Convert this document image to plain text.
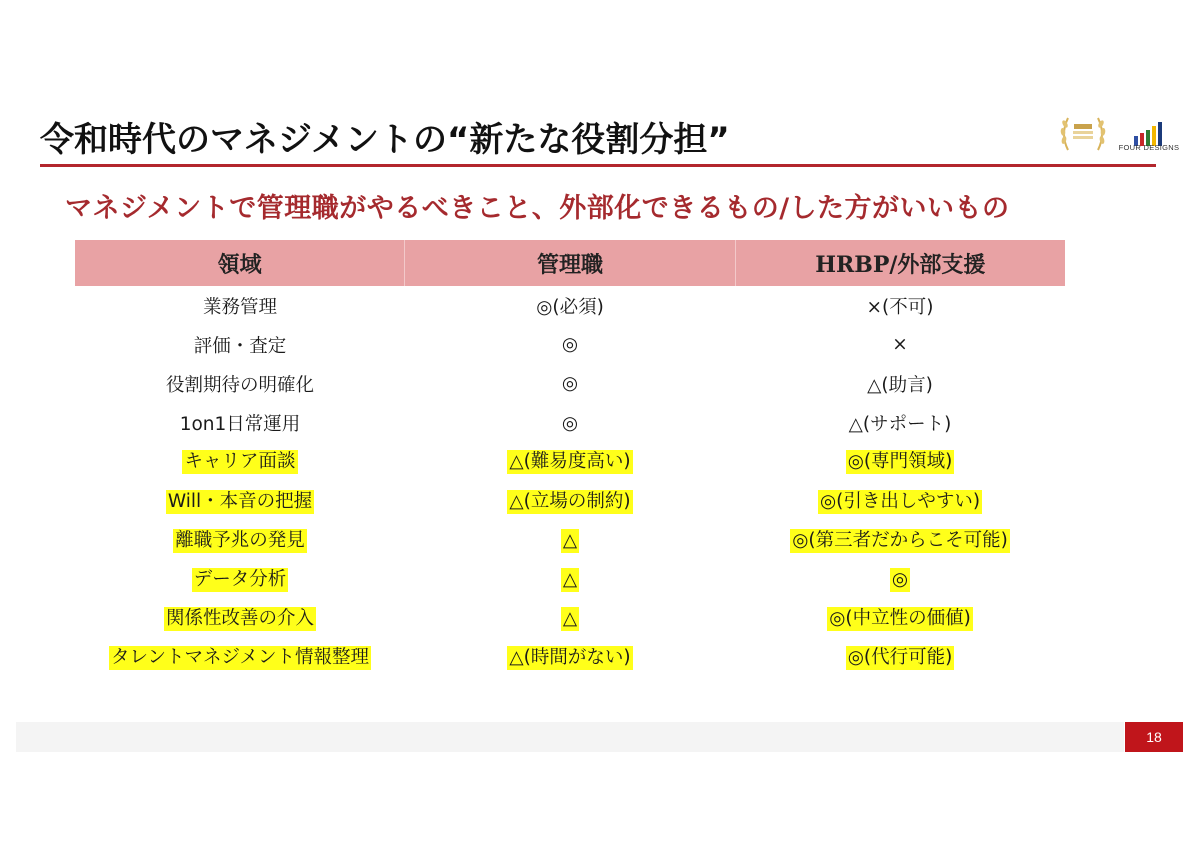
令和時代のマネジメントの“新たな役割分担”	FOUR DESIGNS
マネジメントで管理職がやるべきこと、外部化できるもの/した方がいいもの
領域	管理職	HRBP/外部支援
業務管理	◎(必須)	×(不可)
評価・査定	◎	×
役割期待の明確化	◎	△(助言)
1on1日常運用	◎	△(サポート)
キャリア面談	△(難易度高い)	◎(専門領域)
Will・本音の把握	△(立場の制約)	◎(引き出しやすい)
離職予兆の発見	△	◎(第三者だからこそ可能)
データ分析	△	◎
関係性改善の介入	△	◎(中立性の価値)
タレントマネジメント情報整理	△(時間がない)	◎(代行可能)
18
